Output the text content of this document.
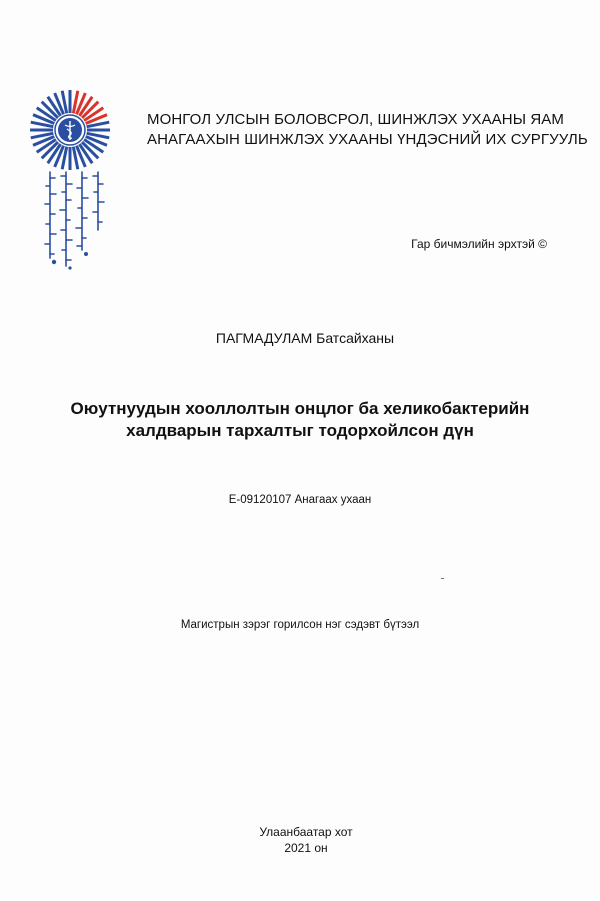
МОНГОЛ УЛСЫН БОЛОВСРОЛ, ШИНЖЛЭХ УХААНЫ ЯАМ
АНАГААХЫН ШИНЖЛЭХ УХААНЫ ҮНДЭСНИЙ ИХ СУРГУУЛЬ
Гар бичмэлийн эрхтэй ©
ПАГМАДУЛАМ Батсайханы
Оюутнуудын хооллолтын онцлог ба хеликобактерийн
халдварын тархалтыг тодорхойлсон дүн
E-09120107 Анагаах ухаан
Магистрын зэрэг горилсон нэг сэдэвт бүтээл
Улаанбаатар хот
2021 он
